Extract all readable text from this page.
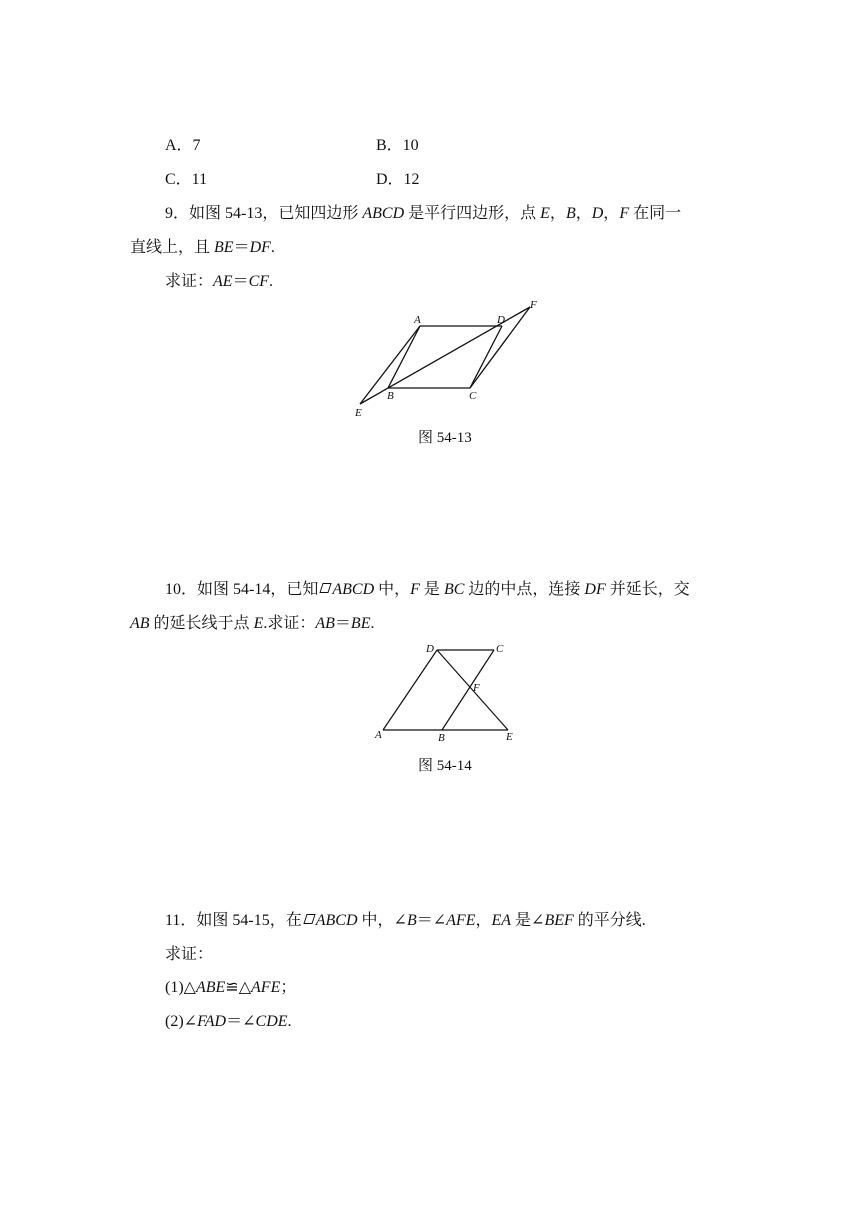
A．7	B．10
C．11	D．12
9．如图 54-13，已知四边形 ABCD 是平行四边形，点 E，B，D，F 在同一
直线上，且 BE＝DF.
求证：AE＝CF.
A	D
F
B	C
E
图 54-13
10．如图 54-14，已知 ABCD 中，F 是 BC 边的中点，连接 DF 并延长，交
AB 的延长线于点 E.求证：AB＝BE.
D	C
F
A	B	E
图 54-14
11．如图 54-15，在 ABCD 中，∠B＝∠AFE，EA 是∠BEF 的平分线.
求证：
(1)△ABE≌△AFE；
(2)∠FAD＝∠CDE.
